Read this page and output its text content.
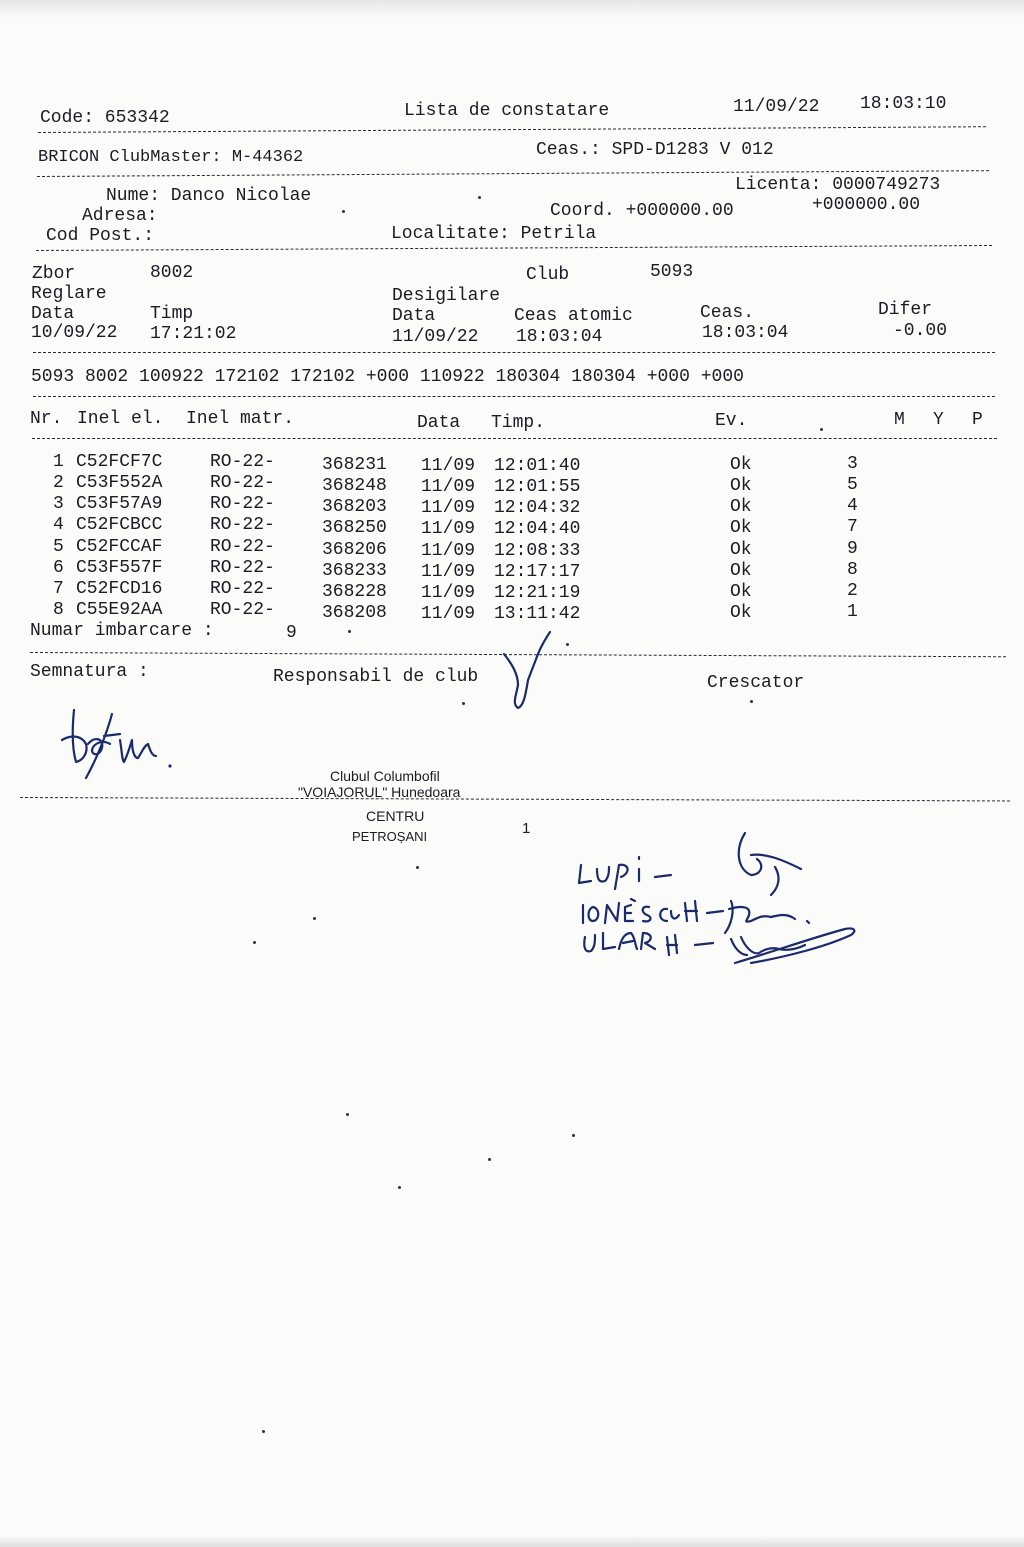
Code: 653342	Lista de constatare	11/09/22 18:03:10
BRICON ClubMaster: M-44362	Ceas.: SPD-D1283 V 012
Nume: Danco Nicolae
Licenta: 0000749273
Adresa:	Coord. +000000.00	+000000.00
Cod Post.:	Localitate: Petrila
Zbor	8002	Club	5093
Reglare	Desigilare
Data	Timp	Data	Ceas atomic	Ceas.	Difer
10/09/22 17:21:02	11/09/22 18:03:04	18:03:04	-0.00
5093 8002 100922 172102 172102 +000 110922 180304 180304 +000 +000
Nr. Inel el. Inel matr.	Data Timp.	Ev.	M Y P
1 C52FCF7C	RO-22-	368231 11/09 12:01:40	Ok	3
2 C53F552A	RO-22-	368248 11/09 12:01:55	Ok	5
3 C53F57A9	RO-22-	368203 11/09 12:04:32	Ok	4
4 C52FCBCC	RO-22-	368250 11/09 12:04:40	Ok	7
5 C52FCCAF	RO-22-	368206 11/09 12:08:33	Ok	9
6 C53F557F	RO-22-	368233 11/09 12:17:17	Ok	8
7 C52FCD16	RO-22-	368228 11/09 12:21:19	Ok	2
8 C55E92AA	RO-22-	368208 11/09 13:11:42	Ok	1
Numar imbarcare :	9
Semnatura :	Responsabil de club	Crescator
Clubul Columbofil
"VOIAJORUL" Hunedoara
CENTRU
PETROȘANI	1
